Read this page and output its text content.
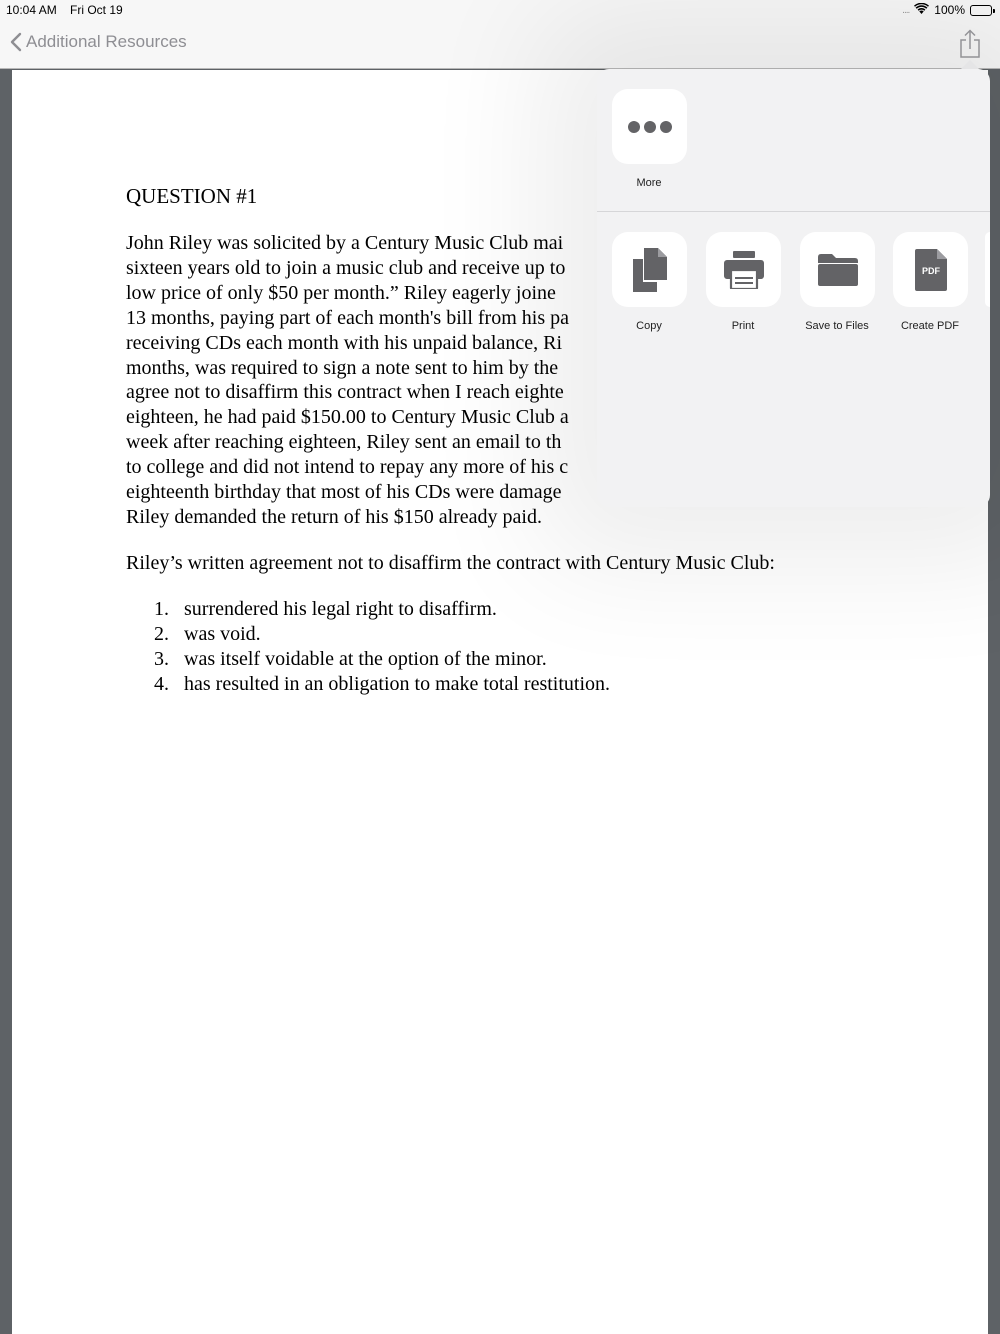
10:04 AM Fri Oct 19	.... 100%
Additional Resources
QUESTION #1
John Riley was solicited by a Century Music Club mai
sixteen years old to join a music club and receive up to
low price of only $50 per month.” Riley eagerly joine
13 months, paying part of each month's bill from his pa
receiving CDs each month with his unpaid balance, Ri
months, was required to sign a note sent to him by the
agree not to disaffirm this contract when I reach eighte
eighteen, he had paid $150.00 to Century Music Club a
week after reaching eighteen, Riley sent an email to th
to college and did not intend to repay any more of his c
eighteenth birthday that most of his CDs were damage
Riley demanded the return of his $150 already paid.
Riley’s written agreement not to disaffirm the contract with Century Music Club:
1. surrendered his legal right to disaffirm.
2. was void.
3. was itself voidable at the option of the minor.
4. has resulted in an obligation to make total restitution.
More
Copy	Print	Save to Files
PDF
Create PDF
